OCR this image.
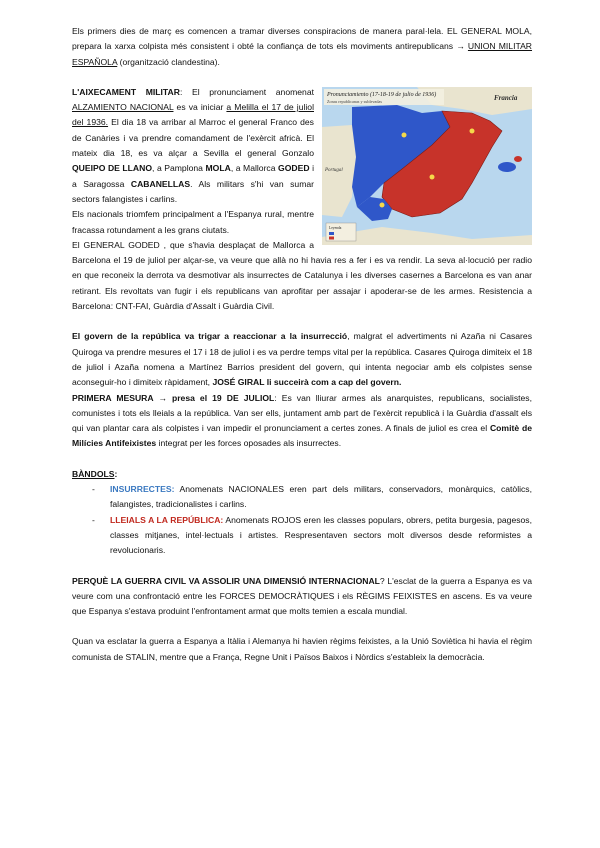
Els primers dies de març es comencen a tramar diverses conspiracions de manera paral·lela. EL GENERAL MOLA, prepara la xarxa colpista més consistent i obté la confiança de tots els moviments antirepublicans → UNION MILITAR ESPAÑOLA (organització clandestina).

Pronunciamiento (17-18-19 de julio de 1936)
Zonas republicanas y sublevadas	Francia
Portugal
Leyenda

L'AIXECAMENT MILITAR: El pronunciament anomenat ALZAMIENTO NACIONAL es va iniciar a Melilla el 17 de juliol del 1936. El dia 18 va arribar al Marroc el general Franco des de Canàries i va prendre comandament de l'exèrcit africà. El mateix dia 18, es va alçar a Sevilla el general Gonzalo QUEIPO DE LLANO, a Pamplona MOLA, a Mallorca GODED i a Saragossa CABANELLAS. Als militars s'hi van sumar sectors falangistes i carlins.

Els nacionals triomfem principalment a l'Espanya rural, mentre fracassa rotundament a les grans ciutats.

El GENERAL GODED , que s'havia desplaçat de Mallorca a Barcelona el 19 de juliol per alçar-se, va veure que allà no hi havia res a fer i es va rendir. La seva al·locució per radio en que reconeix la derrota va desmotivar als insurrectes de Catalunya i les diverses casernes a Barcelona es van anar retirant. Els revoltats van fugir i els republicans van aprofitar per assajar i apoderar-se de les armes. Resistencia a Barcelona: CNT-FAI, Guàrdia d'Assalt i Guàrdia Civil.

El govern de la república va trigar a reaccionar a la insurrecció, malgrat el advertiments ni Azaña ni Casares Quiroga va prendre mesures el 17 i 18 de juliol i es va perdre temps vital per la república. Casares Quiroga dimiteix el 18 de juliol i Azaña nomena a Martínez Barrios president del govern, qui intenta negociar amb els colpistes sense aconseguir-ho i dimiteix ràpidament, JOSÉ GIRAL li succeirà com a cap del govern.

PRIMERA MESURA → presa el 19 DE JULIOL: Es van lliurar armes als anarquistes, republicans, socialistes, comunistes i tots els lleials a la república. Van ser ells, juntament amb part de l'exèrcit republicà i la Guàrdia d'assalt els qui van plantar cara als colpistes i van impedir el pronunciament a certes zones. A finals de juliol es crea el Comitè de Milícies Antifeixistes integrat per les forces oposades als insurrectes.

BÀNDOLS:

- INSURRECTES: Anomenats NACIONALES eren part dels militars, conservadors, monàrquics, catòlics, falangistes, tradicionalistes i carlins.
- LLEIALS A LA REPÚBLICA: Anomenats ROJOS eren les classes populars, obrers, petita burgesia, pagesos, classes mitjanes, intel·lectuals i artistes. Respresentaven sectors molt diversos desde reformistes a revolucionaris.

PERQUÈ LA GUERRA CIVIL VA ASSOLIR UNA DIMENSIÓ INTERNACIONAL? L'esclat de la guerra a Espanya es va veure com una confrontació entre les FORCES DEMOCRÀTIQUES i els RÈGIMS FEIXISTES en ascens. Es va veure que Espanya s'estava produint l'enfrontament armat que molts temien a escala mundial.

Quan va esclatar la guerra a Espanya a Itàlia i Alemanya hi havien règims feixistes, a la Unió Soviètica hi havia el règim comunista de STALIN, mentre que a França, Regne Unit i Països Baixos i Nòrdics s'estableix la democràcia.
